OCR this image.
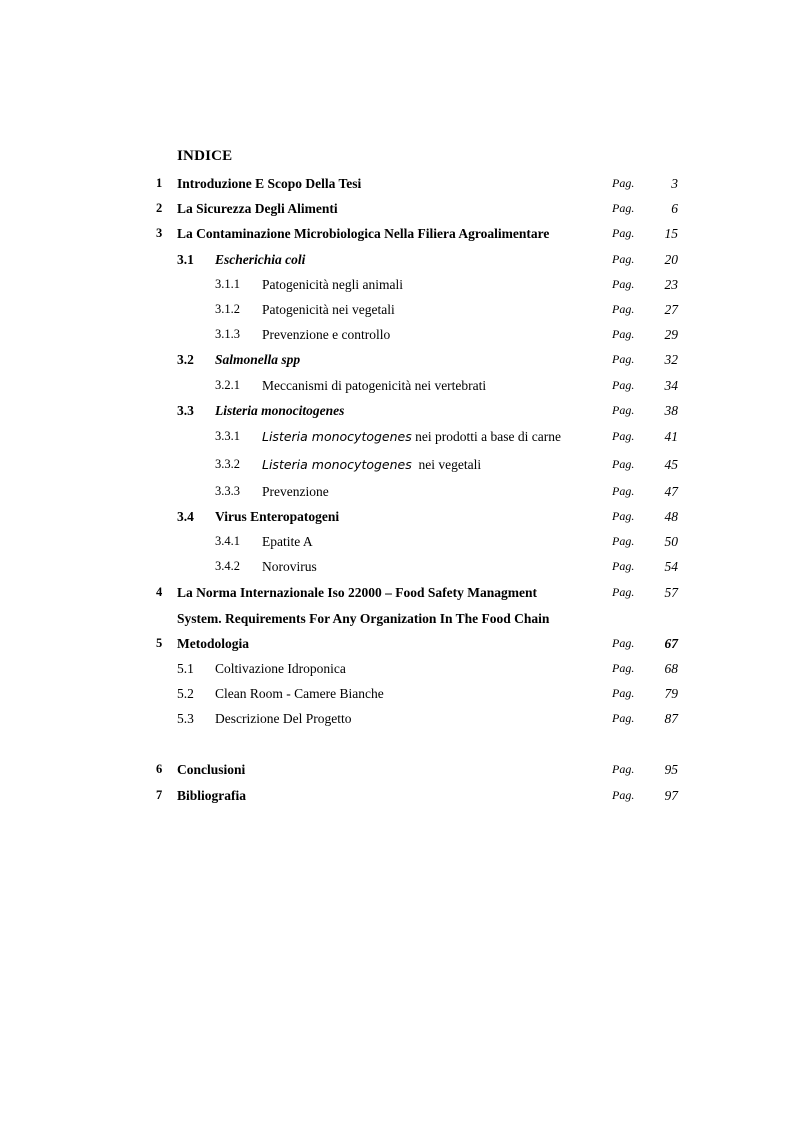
INDICE
1 Introduzione E Scopo Della Tesi	Pag.	3
2 La Sicurezza Degli Alimenti	Pag.	6
3 La Contaminazione Microbiologica Nella Filiera Agroalimentare	Pag. 15
3.1 Escherichia coli	Pag. 20
3.1.1 Patogenicità negli animali	Pag. 23
3.1.2 Patogenicità nei vegetali	Pag. 27
3.1.3 Prevenzione e controllo	Pag. 29
3.2 Salmonella spp	Pag. 32
3.2.1 Meccanismi di patogenicità nei vertebrati	Pag. 34
3.3 Listeria monocitogenes	Pag. 38
3.3.1 Listeria monocytogenes nei prodotti a base di carne	Pag. 41
3.3.2 Listeria monocytogenes  nei vegetali	Pag. 45
3.3.3 Prevenzione	Pag. 47
3.4 Virus Enteropatogeni	Pag. 48
3.4.1 Epatite A	Pag. 50
3.4.2 Norovirus	Pag. 54
4 La Norma Internazionale Iso 22000 – Food Safety Managment	Pag. 57
System. Requirements For Any Organization In The Food Chain
5 Metodologia	Pag. 67
5.1 Coltivazione Idroponica	Pag. 68
5.2 Clean Room - Camere Bianche	Pag. 79
5.3 Descrizione Del Progetto	Pag. 87
6 Conclusioni	Pag. 95
7 Bibliografia	Pag. 97
